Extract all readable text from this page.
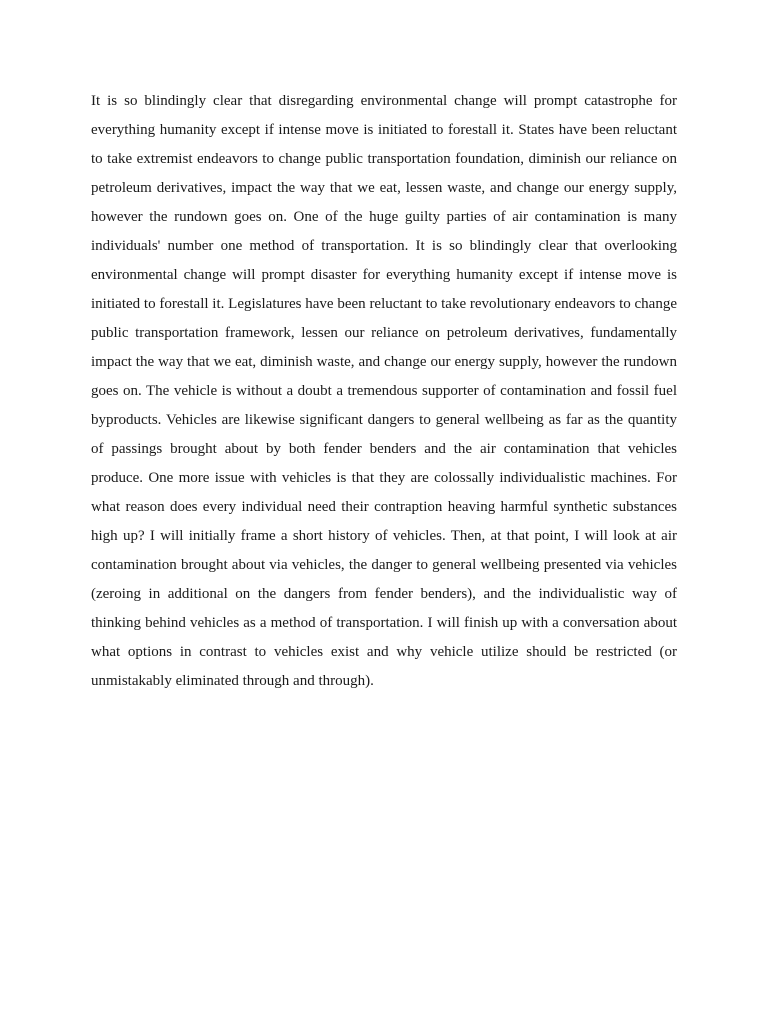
It is so blindingly clear that disregarding environmental change will prompt catastrophe for everything humanity except if intense move is initiated to forestall it. States have been reluctant to take extremist endeavors to change public transportation foundation, diminish our reliance on petroleum derivatives, impact the way that we eat, lessen waste, and change our energy supply, however the rundown goes on. One of the huge guilty parties of air contamination is many individuals' number one method of transportation. It is so blindingly clear that overlooking environmental change will prompt disaster for everything humanity except if intense move is initiated to forestall it. Legislatures have been reluctant to take revolutionary endeavors to change public transportation framework, lessen our reliance on petroleum derivatives, fundamentally impact the way that we eat, diminish waste, and change our energy supply, however the rundown goes on. The vehicle is without a doubt a tremendous supporter of contamination and fossil fuel byproducts. Vehicles are likewise significant dangers to general wellbeing as far as the quantity of passings brought about by both fender benders and the air contamination that vehicles produce. One more issue with vehicles is that they are colossally individualistic machines. For what reason does every individual need their contraption heaving harmful synthetic substances high up? I will initially frame a short history of vehicles. Then, at that point, I will look at air contamination brought about via vehicles, the danger to general wellbeing presented via vehicles (zeroing in additional on the dangers from fender benders), and the individualistic way of thinking behind vehicles as a method of transportation. I will finish up with a conversation about what options in contrast to vehicles exist and why vehicle utilize should be restricted (or unmistakably eliminated through and through).
